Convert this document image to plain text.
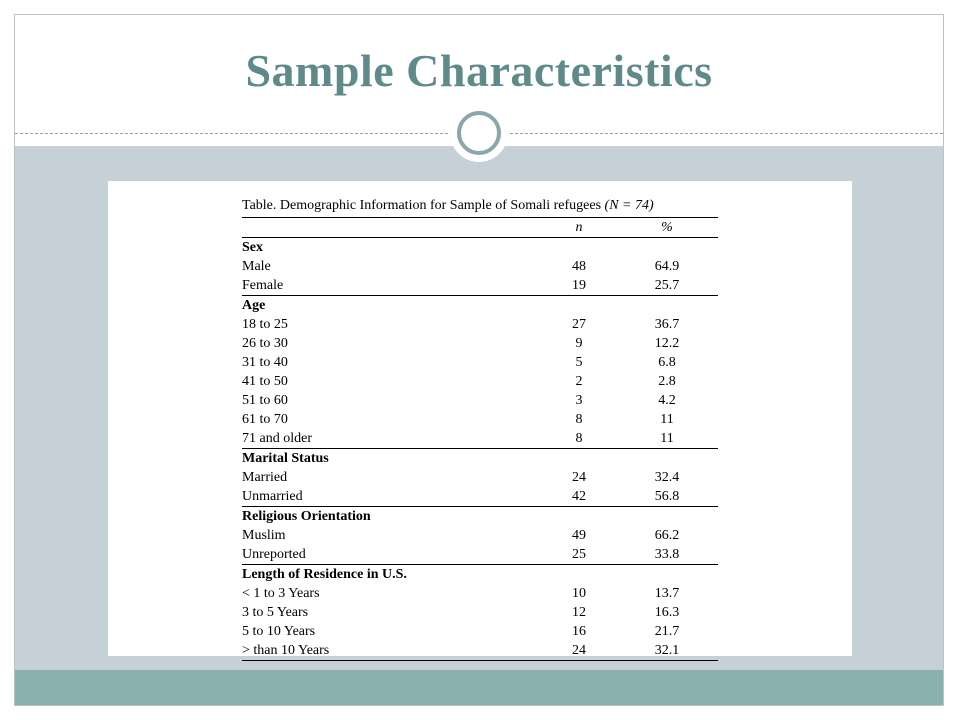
Sample Characteristics
Table. Demographic Information for Sample of Somali refugees (N = 74)
	n	%
Sex		
Male	48	64.9
Female	19	25.7
Age		
18 to 25	27	36.7
26 to 30	9	12.2
31 to 40	5	6.8
41 to 50	2	2.8
51 to 60	3	4.2
61 to 70	8	11
71 and older	8	11
Marital Status		
Married	24	32.4
Unmarried	42	56.8
Religious Orientation		
Muslim	49	66.2
Unreported	25	33.8
Length of Residence in U.S.		
< 1 to 3 Years	10	13.7
3 to 5 Years	12	16.3
5 to 10 Years	16	21.7
> than 10 Years	24	32.1
